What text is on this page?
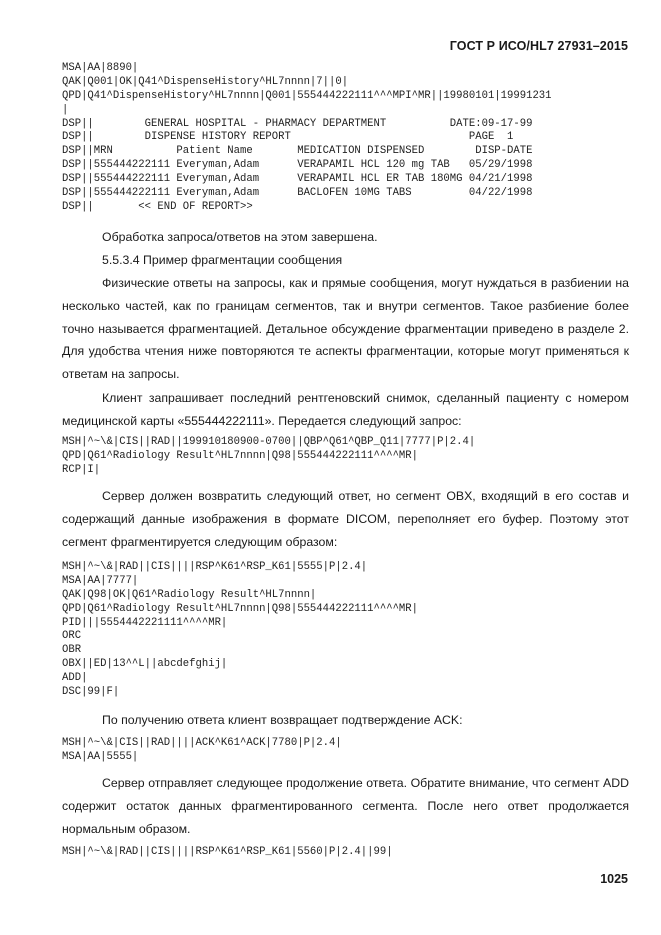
ГОСТ Р ИСО/HL7 27931–2015
MSA|AA|8890|
QAK|Q001|OK|Q41^DispenseHistory^HL7nnnn|7||0|
QPD|Q41^DispenseHistory^HL7nnnn|Q001|555444222111^^^MPI^MR||19980101|19991231
|
DSP||        GENERAL HOSPITAL - PHARMACY DEPARTMENT          DATE:09-17-99
DSP||        DISPENSE HISTORY REPORT                            PAGE  1
DSP||MRN          Patient Name       MEDICATION DISPENSED        DISP-DATE
DSP||555444222111 Everyman,Adam      VERAPAMIL HCL 120 mg TAB   05/29/1998
DSP||555444222111 Everyman,Adam      VERAPAMIL HCL ER TAB 180MG 04/21/1998
DSP||555444222111 Everyman,Adam      BACLOFEN 10MG TABS         04/22/1998
DSP||       << END OF REPORT>>

Обработка запроса/ответов на этом завершена.

5.5.3.4 Пример фрагментации сообщения

Физические ответы на запросы, как и прямые сообщения, могут нуждаться в разбиении на несколько частей, как по границам сегментов, так и внутри сегментов. Такое разбиение более точно называется фрагментацией. Детальное обсуждение фрагментации приведено в разделе 2. Для удобства чтения ниже повторяются те аспекты фрагментации, которые могут применяться к ответам на запросы.

Клиент запрашивает последний рентгеновский снимок, сделанный пациенту с номером медицинской карты «555444222111». Передается следующий запрос:

MSH|^~\&|CIS||RAD||199910180900-0700||QBP^Q61^QBP_Q11|7777|P|2.4|
QPD|Q61^Radiology Result^HL7nnnn|Q98|555444222111^^^^MR|
RCP|I|

Сервер должен возвратить следующий ответ, но сегмент OBX, входящий в его состав и содержащий данные изображения в формате DICOM, переполняет его буфер. Поэтому этот сегмент фрагментируется следующим образом:

MSH|^~\&|RAD||CIS||||RSP^K61^RSP_K61|5555|P|2.4|
MSA|AA|7777|
QAK|Q98|OK|Q61^Radiology Result^HL7nnnn|
QPD|Q61^Radiology Result^HL7nnnn|Q98|555444222111^^^^MR|
PID|||5554442221111^^^^MR|
ORC
OBR
OBX||ED|13^^L||abcdefghij|
ADD|
DSC|99|F|

По получению ответа клиент возвращает подтверждение ACK:

MSH|^~\&|CIS||RAD||||ACK^K61^ACK|7780|P|2.4|
MSA|AA|5555|

Сервер отправляет следующее продолжение ответа. Обратите внимание, что сегмент ADD содержит остаток данных фрагментированного сегмента. После него ответ продолжается нормальным образом.

MSH|^~\&|RAD||CIS||||RSP^K61^RSP_K61|5560|P|2.4||99|
1025
